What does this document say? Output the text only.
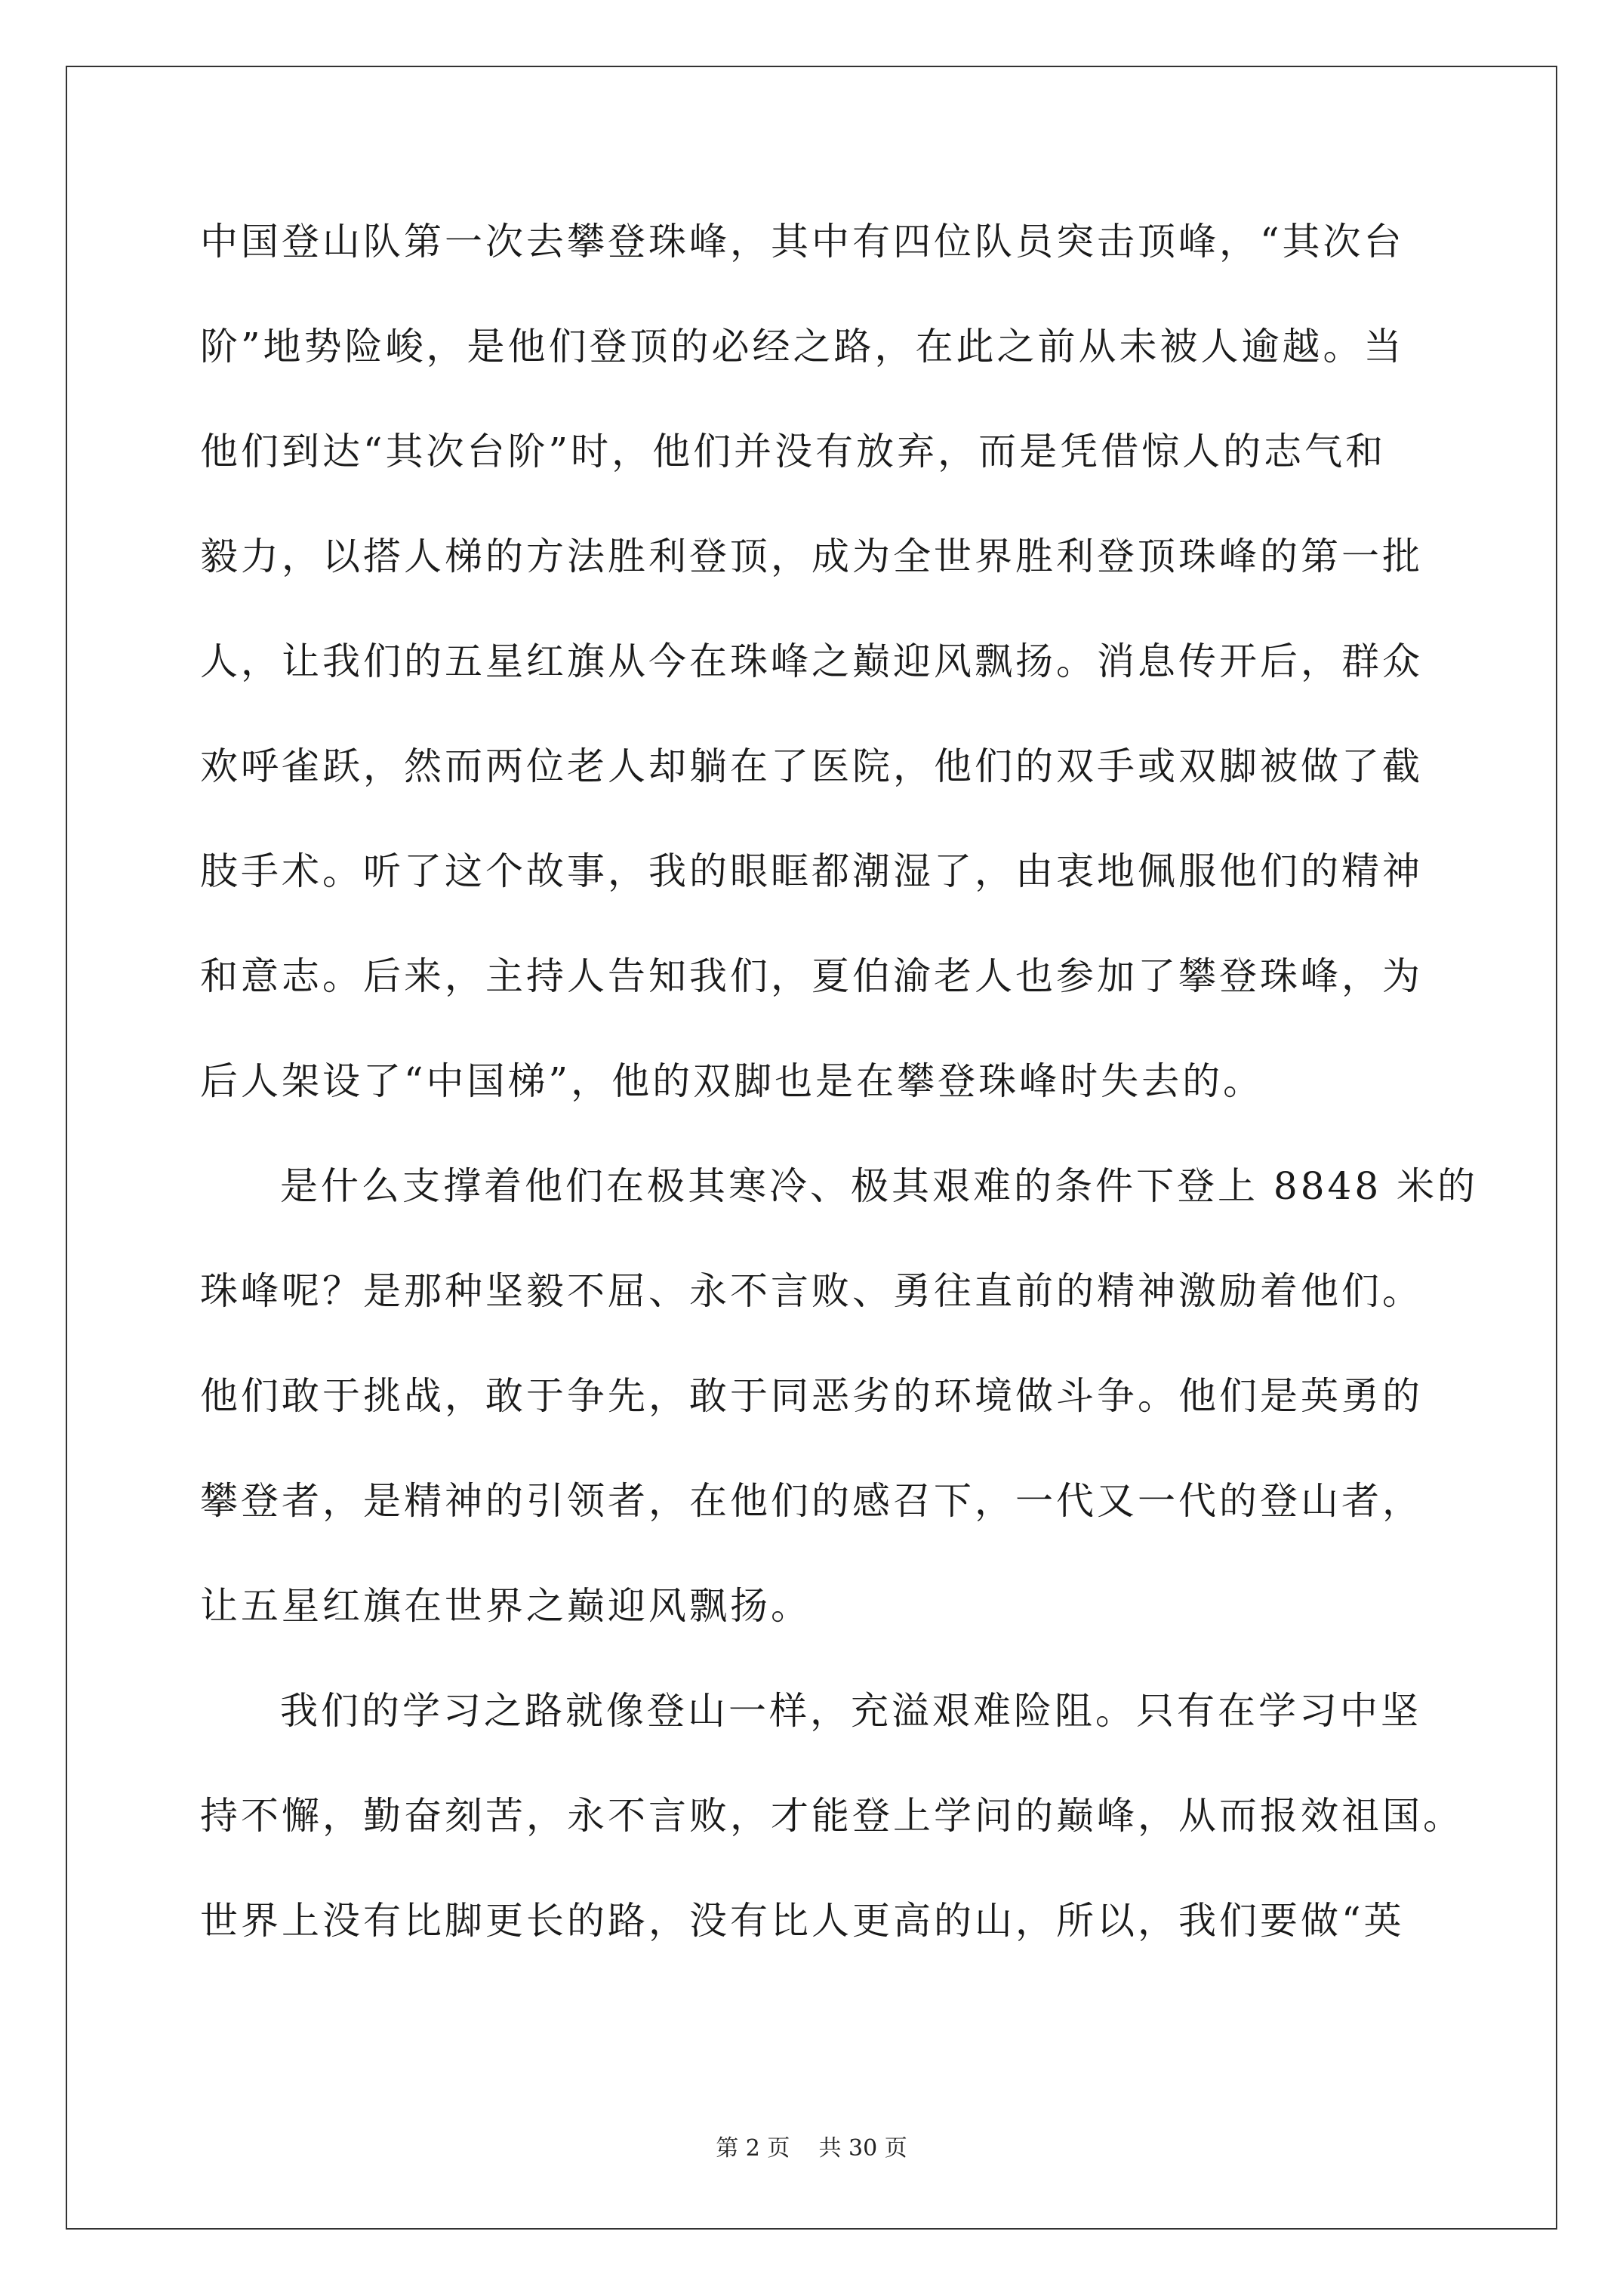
中国登山队第一次去攀登珠峰，其中有四位队员突击顶峰，“其次台
阶”地势险峻，是他们登顶的必经之路，在此之前从未被人逾越。当
他们到达“其次台阶”时，他们并没有放弃，而是凭借惊人的志气和
毅力，以搭人梯的方法胜利登顶，成为全世界胜利登顶珠峰的第一批
人，让我们的五星红旗从今在珠峰之巅迎风飘扬。消息传开后，群众
欢呼雀跃，然而两位老人却躺在了医院，他们的双手或双脚被做了截
肢手术。听了这个故事，我的眼眶都潮湿了，由衷地佩服他们的精神
和意志。后来，主持人告知我们，夏伯渝老人也参加了攀登珠峰，为
后人架设了“中国梯”，他的双脚也是在攀登珠峰时失去的。
是什么支撑着他们在极其寒冷、极其艰难的条件下登上 8848 米的
珠峰呢？是那种坚毅不屈、永不言败、勇往直前的精神激励着他们。
他们敢于挑战，敢于争先，敢于同恶劣的环境做斗争。他们是英勇的
攀登者，是精神的引领者，在他们的感召下，一代又一代的登山者，
让五星红旗在世界之巅迎风飘扬。
我们的学习之路就像登山一样，充溢艰难险阻。只有在学习中坚
持不懈，勤奋刻苦，永不言败，才能登上学问的巅峰，从而报效祖国。
世界上没有比脚更长的路，没有比人更高的山，所以，我们要做“英
第 2 页    共 30 页
